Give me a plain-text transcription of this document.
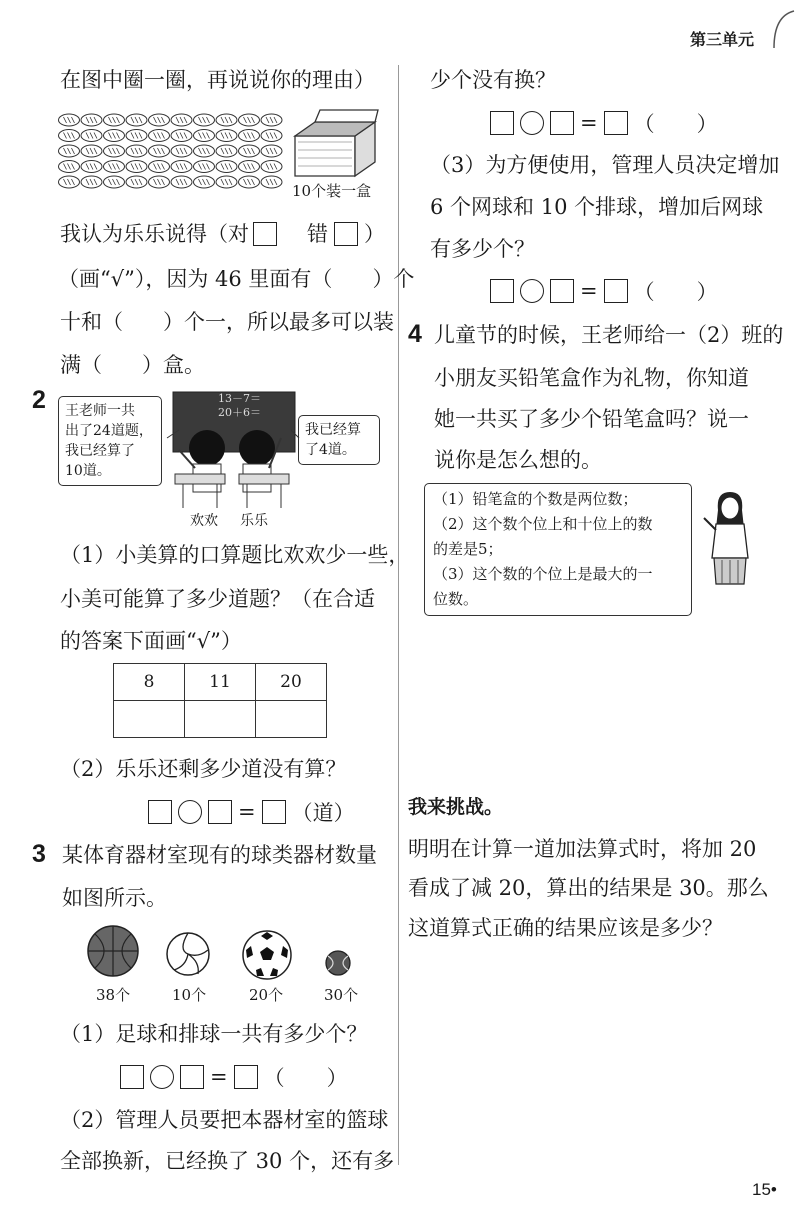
第三单元
在图中圈一圈，再说说你的理由）
10个装一盒
我认为乐乐说得（对	错 ）
（画“√”），因为 46 里面有（ ）个
十和（ ）个一，所以最多可以装
满（ ）盒。
2 王老师一共
出了24道题，
我已经算了
10道。
我已经算
了4道。
13－7＝
20＋6＝
欢欢 乐乐
（1）小美算的口算题比欢欢少一些，
小美可能算了多少道题？（在合适
的答案下面画“√”）
8	11	20

（2）乐乐还剩多少道没有算？
= （道）
3 某体育器材室现有的球类器材数量
如图所示。
38个	10个	20个	30个
（1）足球和排球一共有多少个？
= （　　）
（2）管理人员要把本器材室的篮球
全部换新，已经换了 30 个，还有多
少个没有换？
= （　　）
（3）为方便使用，管理人员决定增加
6 个网球和 10 个排球，增加后网球
有多少个？
= （　　）
4 儿童节的时候，王老师给一（2）班的
小朋友买铅笔盒作为礼物，你知道
她一共买了多少个铅笔盒吗？说一
说你是怎么想的。
（1）铅笔盒的个数是两位数；
（2）这个数个位上和十位上的数
的差是5；
（3）这个数的个位上是最大的一
位数。
我来挑战。
明明在计算一道加法算式时，将加 20
看成了减 20，算出的结果是 30。那么
这道算式正确的结果应该是多少？
15•
